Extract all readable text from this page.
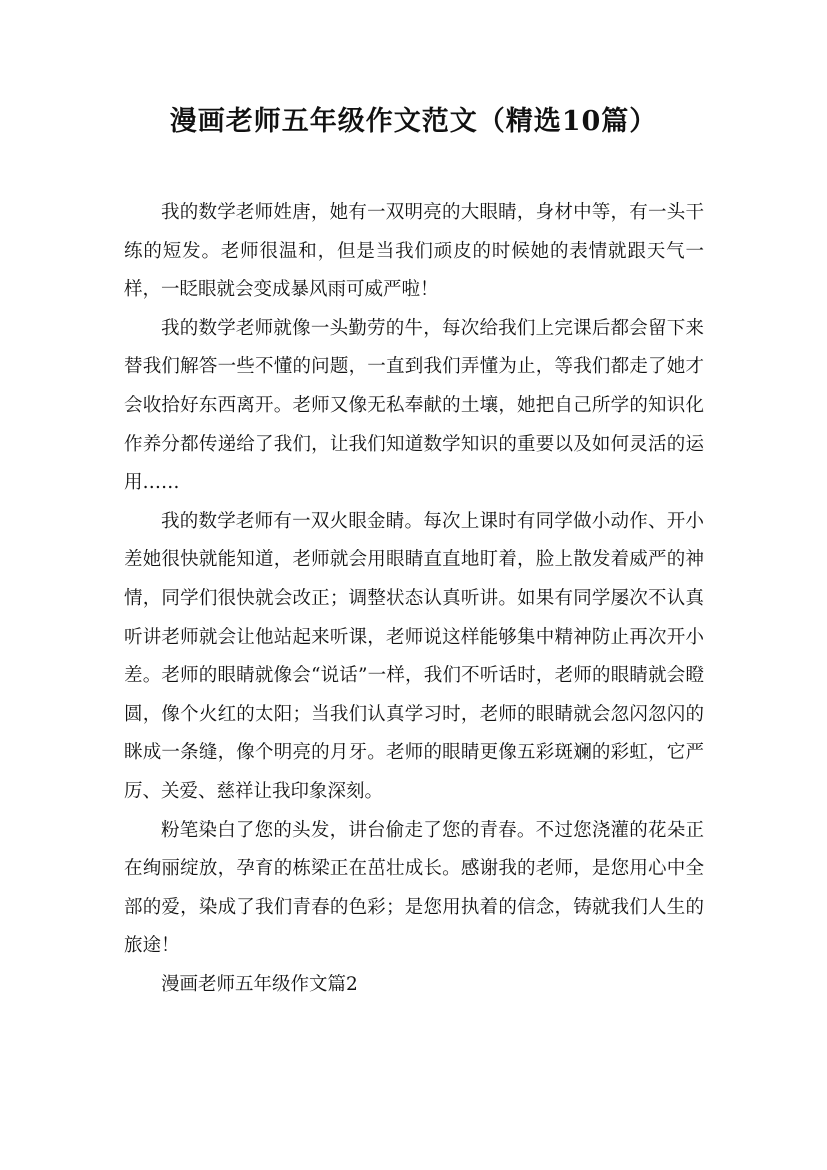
漫画老师五年级作文范文（精选10篇）

我的数学老师姓唐，她有一双明亮的大眼睛，身材中等，有一头干练的短发。老师很温和，但是当我们顽皮的时候她的表情就跟天气一样，一眨眼就会变成暴风雨可威严啦！

我的数学老师就像一头勤劳的牛，每次给我们上完课后都会留下来替我们解答一些不懂的问题，一直到我们弄懂为止，等我们都走了她才会收拾好东西离开。老师又像无私奉献的土壤，她把自己所学的知识化作养分都传递给了我们，让我们知道数学知识的重要以及如何灵活的运用……

我的数学老师有一双火眼金睛。每次上课时有同学做小动作、开小差她很快就能知道，老师就会用眼睛直直地盯着，脸上散发着威严的神情，同学们很快就会改正；调整状态认真听讲。如果有同学屡次不认真听讲老师就会让他站起来听课，老师说这样能够集中精神防止再次开小差。老师的眼睛就像会“说话”一样，我们不听话时，老师的眼睛就会瞪圆，像个火红的太阳；当我们认真学习时，老师的眼睛就会忽闪忽闪的眯成一条缝，像个明亮的月牙。老师的眼睛更像五彩斑斓的彩虹，它严厉、关爱、慈祥让我印象深刻。

粉笔染白了您的头发，讲台偷走了您的青春。不过您浇灌的花朵正在绚丽绽放，孕育的栋梁正在茁壮成长。感谢我的老师，是您用心中全部的爱，染成了我们青春的色彩；是您用执着的信念，铸就我们人生的旅途！

漫画老师五年级作文篇2
